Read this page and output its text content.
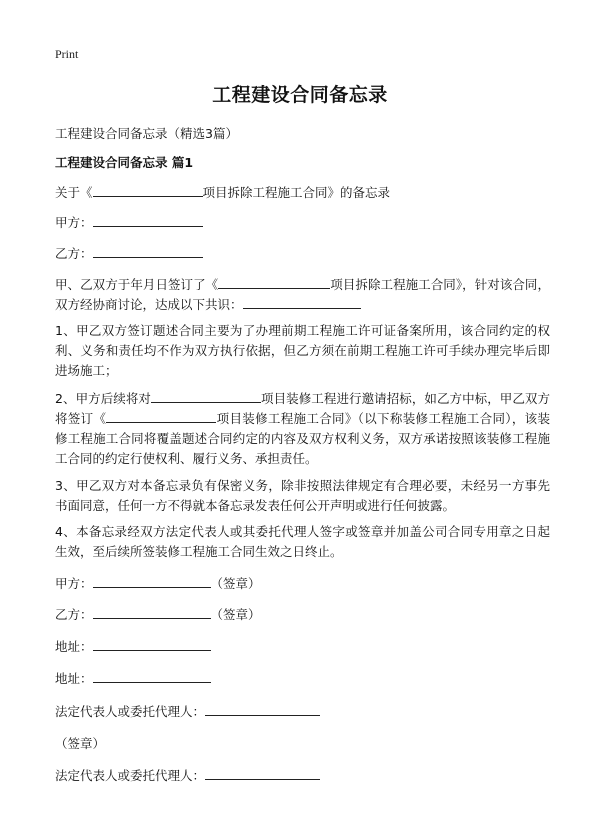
Print
工程建设合同备忘录
工程建设合同备忘录（精选3篇）
工程建设合同备忘录 篇1
关于《	项目拆除工程施工合同》的备忘录
甲方：
乙方：
甲、乙双方于年月日签订了《	项目拆除工程施工合同》，针对该合同，双方经协商讨论，达成以下共识：
1、甲乙双方签订题述合同主要为了办理前期工程施工许可证备案所用，该合同约定的权利、义务和责任均不作为双方执行依据，但乙方须在前期工程施工许可手续办理完毕后即进场施工；
2、甲方后续将对	项目装修工程进行邀请招标，如乙方中标，甲乙双方将签订《	项目装修工程施工合同》（以下称装修工程施工合同），该装修工程施工合同将覆盖题述合同约定的内容及双方权利义务，双方承诺按照该装修工程施工合同的约定行使权利、履行义务、承担责任。
3、甲乙双方对本备忘录负有保密义务，除非按照法律规定有合理必要，未经另一方事先书面同意，任何一方不得就本备忘录发表任何公开声明或进行任何披露。
4、本备忘录经双方法定代表人或其委托代理人签字或签章并加盖公司合同专用章之日起生效，至后续所签装修工程施工合同生效之日终止。
甲方：	（签章）
乙方：	（签章）
地址：
地址：
法定代表人或委托代理人：
（签章）
法定代表人或委托代理人：
